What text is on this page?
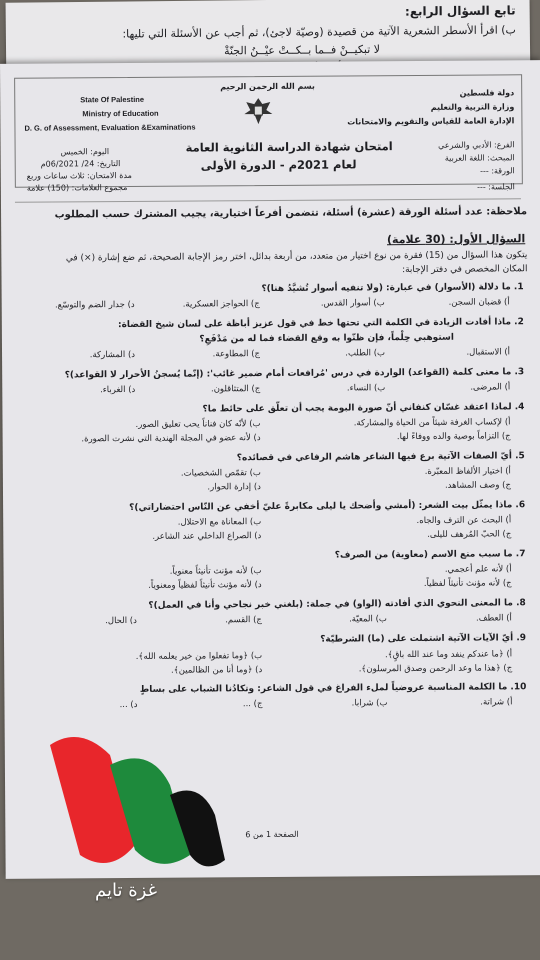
تابع السؤال الرابع:
ب) اقرأ الأسطر الشعرية الآتية من قصيدة (وصيّة لاجئ)، ثم أجب عن الأسئلة التي تليها:
لا تبكيــنْ فــما بــكــتْ عيْــنُ الجنّةْ
State Of Palestine
Ministry of Education
D. G. of Assessment, Evaluation &Examinations
بسم الله الرحمن الرحيم
دولة فلسطين
وزارة التربية والتعليم
الإدارة العامة للقياس والتقويم والامتحانات
الفرع: الأدبي والشرعي
المبحث: اللغة العربية
الورقة: ---
امتحان شهادة الدراسة الثانوية العامة
لعام 2021م - الدورة الأولى
اليوم: الخميس
التاريخ: 24/ 06/2021م
مدة الامتحان: ثلاث ساعات وربع
مجموع العلامات: (150) علامة	الجلسة: ---
ملاحظة: عدد أسئلة الورقة (عشرة) أسئلة، تتضمن أفرعاً اختيارية، يجيب المشترك حسب المطلوب
السؤال الأول: (30 علامة)
يتكون هذا السؤال من (15) فقرة من نوع اختيار من متعدد، من أربعة بدائل، اختر رمز الإجابة الصحيحة، ثم ضع إشارة (×) في
المكان المخصص في دفتر الإجابة:
1. ما دلالة (الأسوار) في عبارة: (ولا تنفيه أسوار تُشيَّدُ هنا)؟
أ) قضبان السجن.
ب) أسوار القدس.
ج) الحواجز العسكرية.
د) جدار الضم والتوسّع.
2. ماذا أفادت الزيادة في الكلمة التي تحتها خط في قول عزيز أباظة على لسان شيخ القضاة:
استوهبي حِلْماً، فإن ظنّوا به وقع القضاء فما له من مَدْفَعِ؟
أ) الاستقبال.
ب) الطلب.
ج) المطاوعة.
د) المشاركة.
3. ما معنى كلمة (القواعد) الواردة في درس 'مُرافعات أمام ضمير غائب': (إنّما يُسجنُ الأحرار لا القواعد)؟
أ) المرضى.
ب) النساء.
ج) المتثاقلون.
د) الغرباء.
4. لماذا اعتقد غسّان كنفاني أنّ صورة البومة يجب أن تعلّق على حائط ما؟
أ) لإكساب الغرفة شيئاً من الحياة والمشاركة.
ب) لأنّه كان فناناً يحب تعليق الصور.
ج) التزاماً بوصية والده ووفاءً لها.
د) لأنه عضو في المجلة الهندية التي نشرت الصورة.
5. أيّ الصفات الآتية برع فيها الشاعر هاشم الرفاعي في قصائده؟
أ) اختيار الألفاظ المعبّرة.
ب) تقمّص الشخصيات.
ج) وصف المشاهد.
د) إدارة الحوار.
6. ماذا يمثّل بيت الشعر: (أمشي وأضحك يا ليلى مكابرةً عليّ أخفي عن النّاس احتضاراتي)؟
أ) البحث عن الترف والجاه.
ب) المعاناة مع الاحتلال.
ج) الحبّ المُرهف لليلى.
د) الصراع الداخلي عند الشاعر.
7. ما سبب منع الاسم (معاوية) من الصرف؟
أ) لأنه علم أعجمي.
ب) لأنه مؤنث تأنيثاً معنوياً.
ج) لأنه مؤنث تأنيثاً لفظياً.
د) لأنه مؤنث تأنيثاً لفظياً ومعنوياً.
8. ما المعنى النحوي الذي أفادته (الواو) في جملة: (بلغني خبر نجاحي وأنا في العمل)؟
أ) العطف.
ب) المعيّة.
ج) القسم.
د) الحال.
9. أيّ الآيات الآتية اشتملت على (ما) الشرطيّة؟
أ) ﴿ما عندكم ينفد وما عند الله باقٍ﴾.
ب) ﴿وما تفعلوا من خير يعلمه الله﴾.
ج) ﴿هذا ما وعد الرحمن وصدق المرسلون﴾.
د) ﴿وما أنا من الظالمين﴾.
10. ما الكلمة المناسبة عروضياً لملء الفراغ في قول الشاعر: وتكادُنا الشباب على بساطٍ
أ) شراتة.
ب) شرابا.
ج) ...
د) ...
الصفحة 1 من 6
غزة تايم
